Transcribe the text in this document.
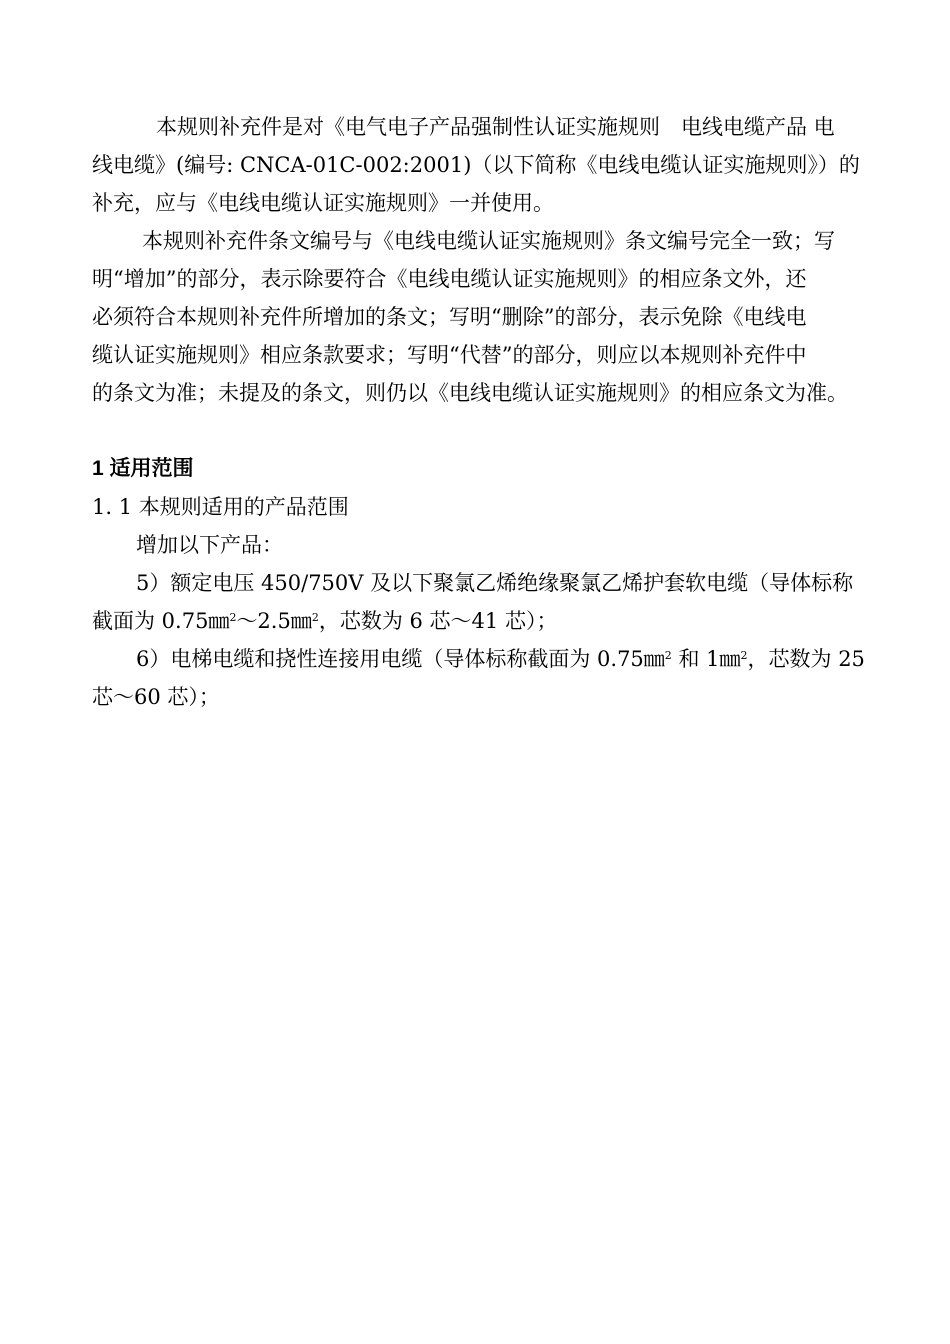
本规则补充件是对《电气电子产品强制性认证实施规则　电线电缆产品 电
线电缆》(编号: CNCA-01C-002:2001)（以下简称《电线电缆认证实施规则》）的
补充，应与《电线电缆认证实施规则》一并使用。
本规则补充件条文编号与《电线电缆认证实施规则》条文编号完全一致；写
明“增加”的部分，表示除要符合《电线电缆认证实施规则》的相应条文外，还
必须符合本规则补充件所增加的条文；写明“删除”的部分，表示免除《电线电
缆认证实施规则》相应条款要求；写明“代替”的部分，则应以本规则补充件中
的条文为准；未提及的条文，则仍以《电线电缆认证实施规则》的相应条文为准。
1 适用范围
1. 1 本规则适用的产品范围
增加以下产品：
5）额定电压 450/750V 及以下聚氯乙烯绝缘聚氯乙烯护套软电缆（导体标称
截面为 0.75㎜$^2$～2.5㎜$^2$，芯数为 6 芯～41 芯）；
6）电梯电缆和挠性连接用电缆（导体标称截面为 0.75㎜$^2$ 和 1㎜$^2$，芯数为 25
芯～60 芯）；
